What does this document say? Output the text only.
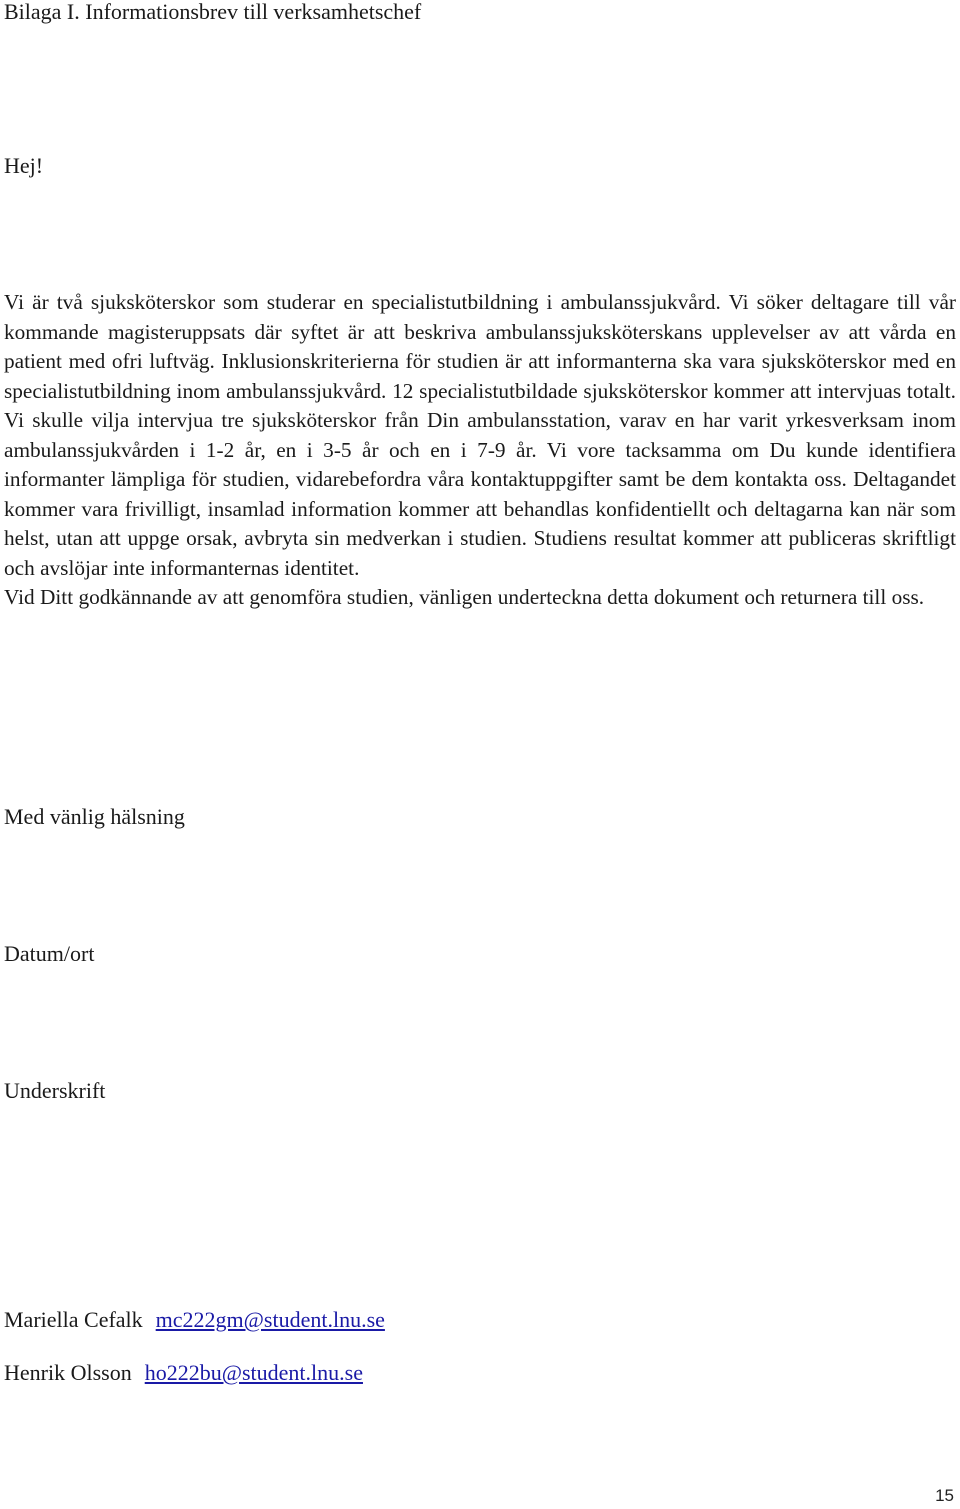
Bilaga I. Informationsbrev till verksamhetschef
Hej!

Vi är två sjuksköterskor som studerar en specialistutbildning i ambulanssjukvård. Vi söker deltagare till vår kommande magisteruppsats där syftet är att beskriva ambulanssjuksköterskans upplevelser av att vårda en patient med ofri luftväg. Inklusionskriterierna för studien är att informanterna ska vara sjuksköterskor med en specialistutbildning inom ambulanssjukvård. 12 specialistutbildade sjuksköterskor kommer att intervjuas totalt. Vi skulle vilja intervjua tre sjuksköterskor från Din ambulansstation, varav en har varit yrkesverksam inom ambulanssjukvården i 1-2 år, en i 3-5 år och en i 7-9 år. Vi vore tacksamma om Du kunde identifiera informanter lämpliga för studien, vidarebefordra våra kontaktuppgifter samt be dem kontakta oss. Deltagandet kommer vara frivilligt, insamlad information kommer att behandlas konfidentiellt och deltagarna kan när som helst, utan att uppge orsak, avbryta sin medverkan i studien. Studiens resultat kommer att publiceras skriftligt och avslöjar inte informanternas identitet.

Vid Ditt godkännande av att genomföra studien, vänligen underteckna detta dokument och returnera till oss.

Med vänlig hälsning
Datum/ort
Underskrift
Mariella Cefalk mc222gm@student.lnu.se
Henrik Olsson ho222bu@student.lnu.se
15
